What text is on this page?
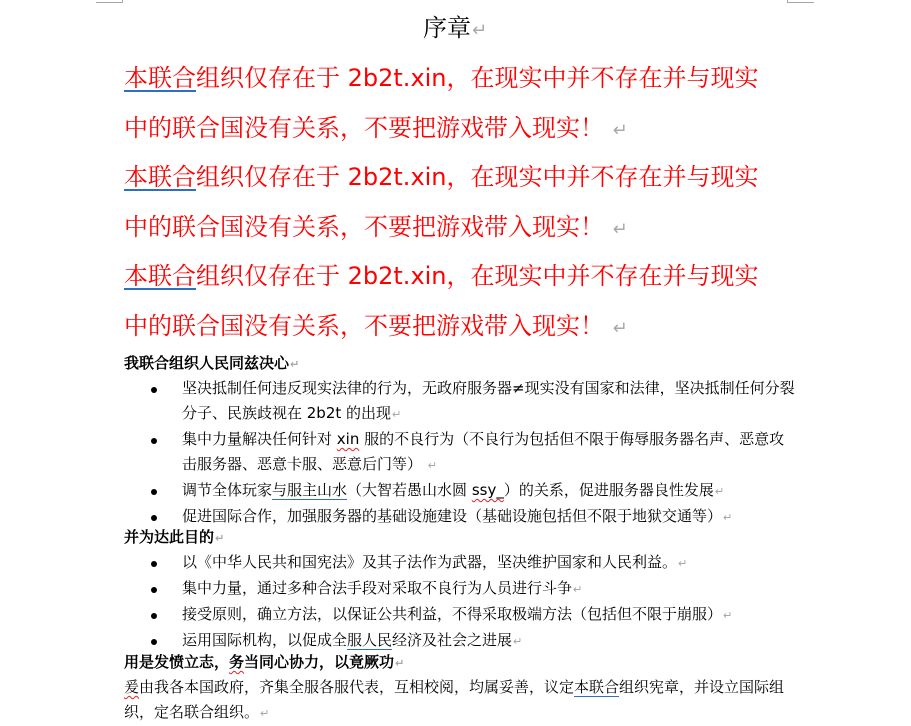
序章↵
本联合组织仅存在于 2b2t.xin，在现实中并不存在并与现实
中的联合国没有关系，不要把游戏带入现实！ ↵
本联合组织仅存在于 2b2t.xin，在现实中并不存在并与现实
中的联合国没有关系，不要把游戏带入现实！ ↵
本联合组织仅存在于 2b2t.xin，在现实中并不存在并与现实
中的联合国没有关系，不要把游戏带入现实！ ↵
我联合组织人民同兹决心↵
坚决抵制任何违反现实法律的行为，无政府服务器≠现实没有国家和法律，坚决抵制任何分裂分子、民族歧视在 2b2t 的出现↵
集中力量解决任何针对 xin 服的不良行为（不良行为包括但不限于侮辱服务器名声、恶意攻击服务器、恶意卡服、恶意后门等） ↵
调节全体玩家与服主山水（大智若愚山水圆 ssy_）的关系，促进服务器良性发展↵
促进国际合作，加强服务器的基础设施建设（基础设施包括但不限于地狱交通等）↵
并为达此目的↵
以《中华人民共和国宪法》及其子法作为武器，坚决维护国家和人民利益。↵
集中力量，通过多种合法手段对采取不良行为人员进行斗争↵
接受原则，确立方法，以保证公共利益，不得采取极端方法（包括但不限于崩服）↵
运用国际机构，以促成全服人民经济及社会之进展↵
用是发愤立志，务当同心协力，以竟厥功↵
爰由我各本国政府，齐集全服各服代表，互相校阅，均属妥善，议定本联合组织宪章，并设立国际组织，定名联合组织。↵
